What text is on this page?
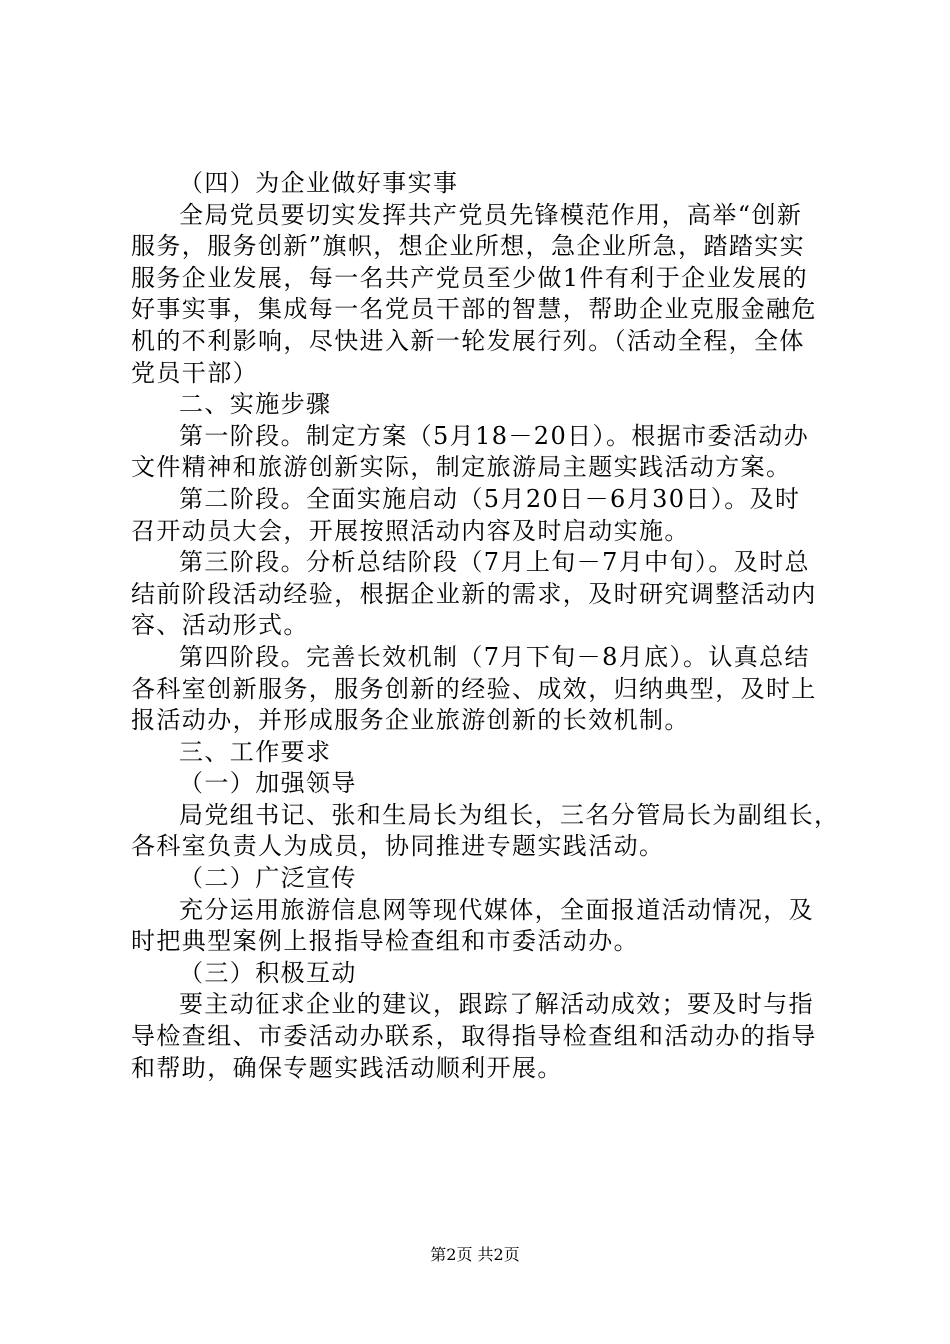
（四）为企业做好事实事
全局党员要切实发挥共产党员先锋模范作用，高举“创新
服务，服务创新”旗帜，想企业所想，急企业所急，踏踏实实
服务企业发展，每一名共产党员至少做1件有利于企业发展的
好事实事，集成每一名党员干部的智慧，帮助企业克服金融危
机的不利影响，尽快进入新一轮发展行列。（活动全程，全体
党员干部）
二、实施步骤
第一阶段。制定方案（5月18－20日）。根据市委活动办
文件精神和旅游创新实际，制定旅游局主题实践活动方案。
第二阶段。全面实施启动（5月20日－6月30日）。及时
召开动员大会，开展按照活动内容及时启动实施。
第三阶段。分析总结阶段（7月上旬－7月中旬）。及时总
结前阶段活动经验，根据企业新的需求，及时研究调整活动内
容、活动形式。
第四阶段。完善长效机制（7月下旬－8月底）。认真总结
各科室创新服务，服务创新的经验、成效，归纳典型，及时上
报活动办，并形成服务企业旅游创新的长效机制。
三、工作要求
（一）加强领导
局党组书记、张和生局长为组长，三名分管局长为副组长，
各科室负责人为成员，协同推进专题实践活动。
（二）广泛宣传
充分运用旅游信息网等现代媒体，全面报道活动情况，及
时把典型案例上报指导检查组和市委活动办。
（三）积极互动
要主动征求企业的建议，跟踪了解活动成效；要及时与指
导检查组、市委活动办联系，取得指导检查组和活动办的指导
和帮助，确保专题实践活动顺利开展。
第2页 共2页
